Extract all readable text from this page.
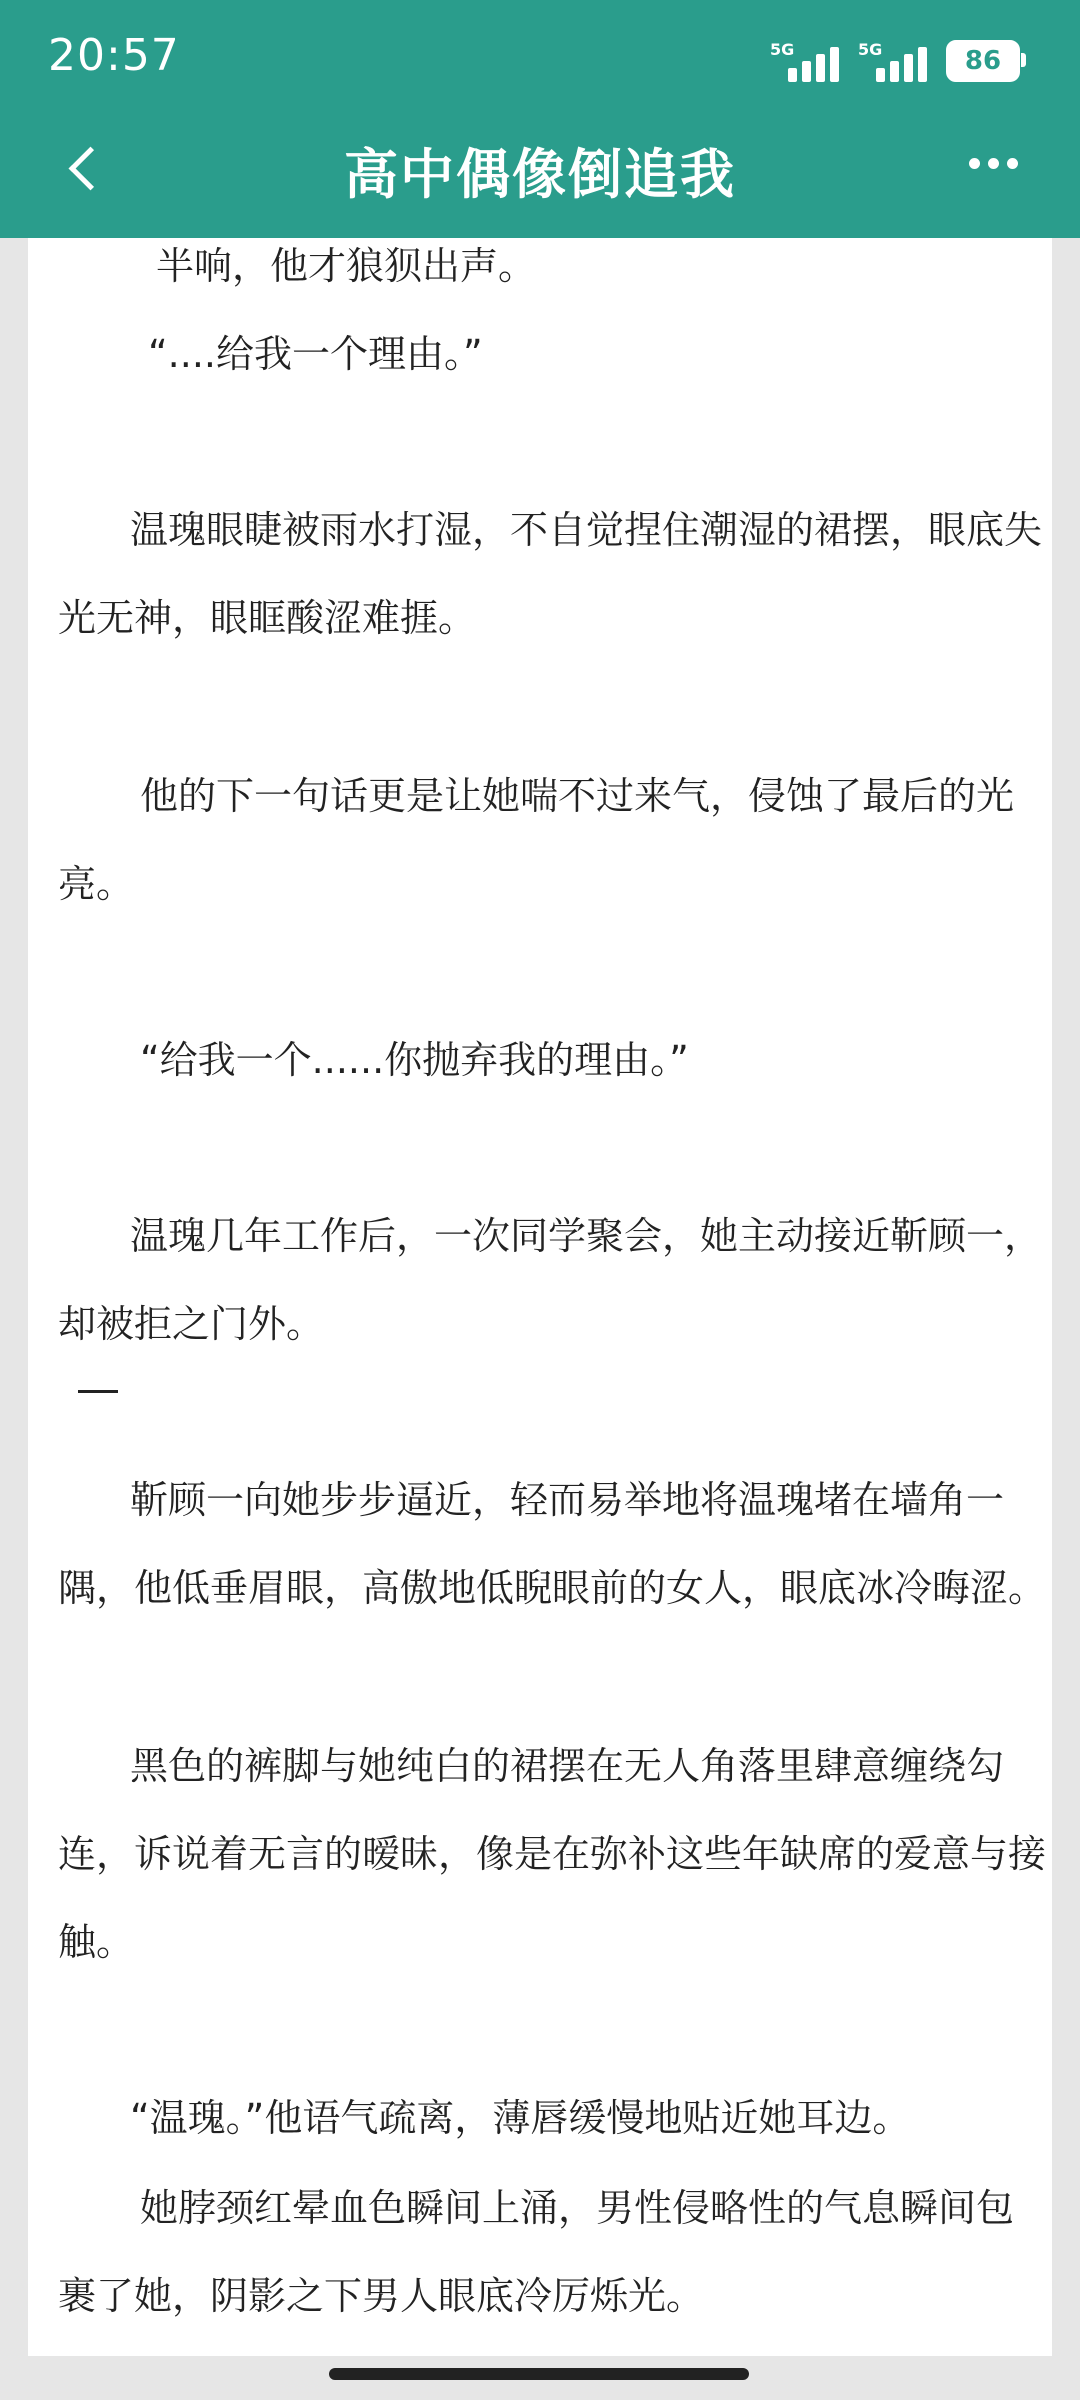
20:57	5G	5G	86
高中偶像倒追我

半响，他才狼狈出声。

“....给我一个理由。”

温瑰眼睫被雨水打湿，不自觉捏住潮湿的裙摆，眼底失光无神，眼眶酸涩难捱。

他的下一句话更是让她喘不过来气，侵蚀了最后的光亮。

“给我一个......你抛弃我的理由。”

温瑰几年工作后，一次同学聚会，她主动接近靳顾一，却被拒之门外。

靳顾一向她步步逼近，轻而易举地将温瑰堵在墙角一隅，他低垂眉眼，高傲地低睨眼前的女人，眼底冰冷晦涩。

黑色的裤脚与她纯白的裙摆在无人角落里肆意缠绕勾连，诉说着无言的暧昧，像是在弥补这些年缺席的爱意与接触。

“温瑰。”他语气疏离，薄唇缓慢地贴近她耳边。

她脖颈红晕血色瞬间上涌，男性侵略性的气息瞬间包裹了她，阴影之下男人眼底冷厉烁光。
